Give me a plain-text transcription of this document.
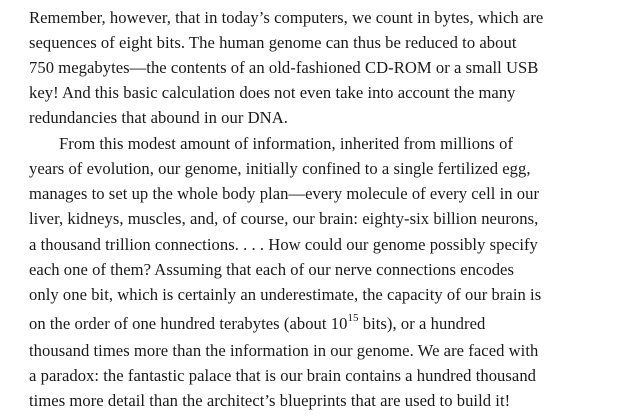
Remember, however, that in today’s computers, we count in bytes, which are
sequences of eight bits. The human genome can thus be reduced to about
750 megabytes—the contents of an old-fashioned CD-ROM or a small USB
key! And this basic calculation does not even take into account the many
redundancies that abound in our DNA.
From this modest amount of information, inherited from millions of
years of evolution, our genome, initially confined to a single fertilized egg,
manages to set up the whole body plan—every molecule of every cell in our
liver, kidneys, muscles, and, of course, our brain: eighty-six billion neurons,
a thousand trillion connections. . . . How could our genome possibly specify
each one of them? Assuming that each of our nerve connections encodes
only one bit, which is certainly an underestimate, the capacity of our brain is
on the order of one hundred terabytes (about $10^{15}$ bits), or a hundred
thousand times more than the information in our genome. We are faced with
a paradox: the fantastic palace that is our brain contains a hundred thousand
times more detail than the architect’s blueprints that are used to build it!
